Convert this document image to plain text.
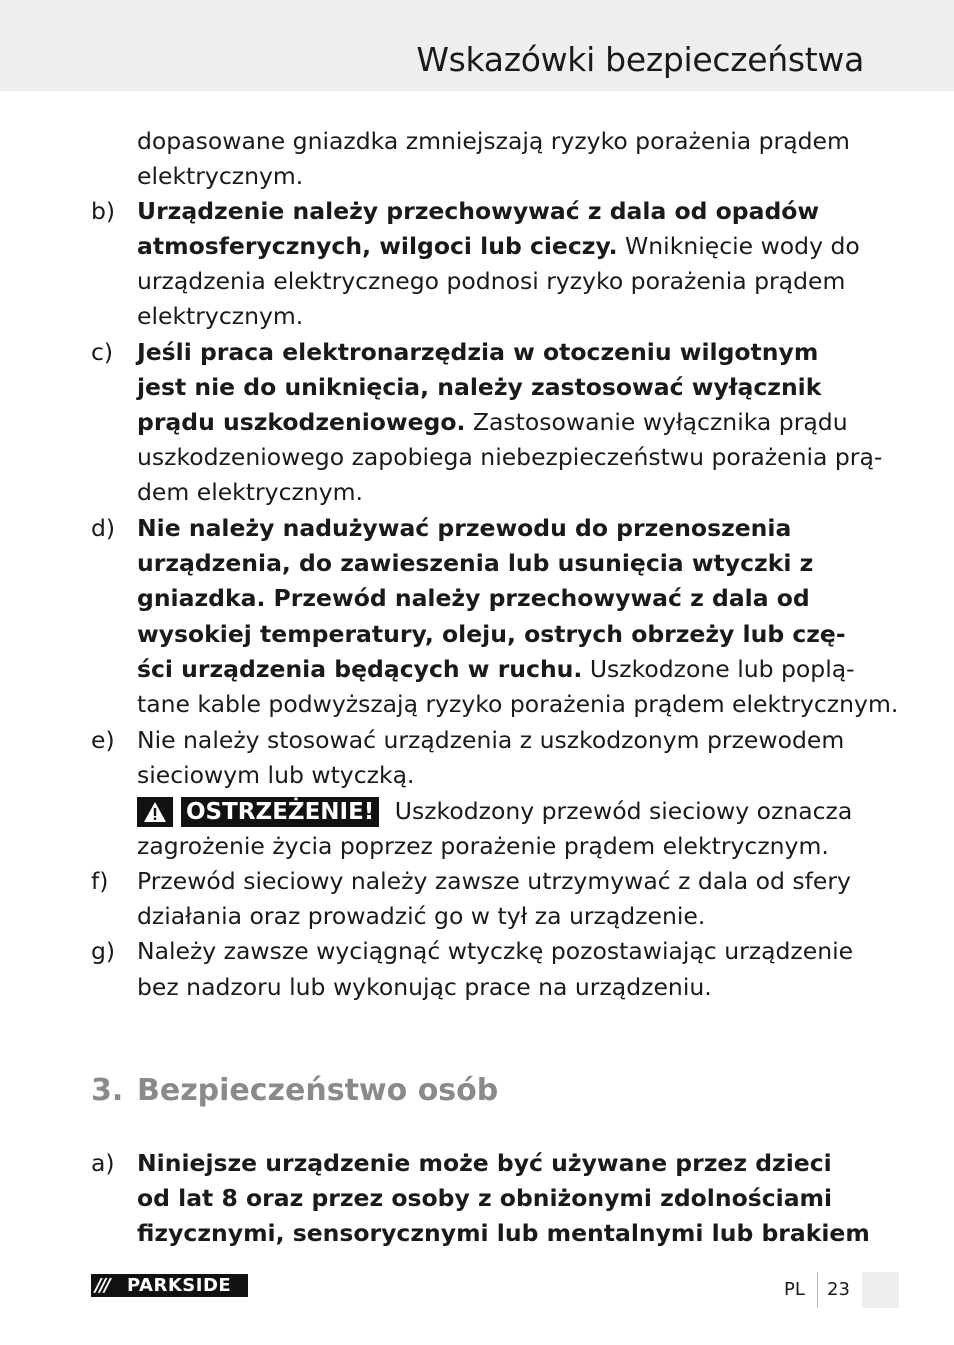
Wskazówki bezpieczeństwa
dopasowane gniazdka zmniejszają ryzyko porażenia prądem
elektrycznym.
b) Urządzenie należy przechowywać z dala od opadów
atmosferycznych, wilgoci lub cieczy. Wniknięcie wody do
urządzenia elektrycznego podnosi ryzyko porażenia prądem
elektrycznym.
c) Jeśli praca elektronarzędzia w otoczeniu wilgotnym
jest nie do uniknięcia, należy zastosować wyłącznik
prądu uszkodzeniowego. Zastosowanie wyłącznika prądu
uszkodzeniowego zapobiega niebezpieczeństwu porażenia prą-
dem elektrycznym.
d) Nie należy nadużywać przewodu do przenoszenia
urządzenia, do zawieszenia lub usunięcia wtyczki z
gniazdka. Przewód należy przechowywać z dala od
wysokiej temperatury, oleju, ostrych obrzeży lub czę-
ści urządzenia będących w ruchu. Uszkodzone lub poplą-
tane kable podwyższają ryzyko porażenia prądem elektrycznym.
e) Nie należy stosować urządzenia z uszkodzonym przewodem
sieciowym lub wtyczką.
OSTRZEŻENIE! Uszkodzony przewód sieciowy oznacza
zagrożenie życia poprzez porażenie prądem elektrycznym.
f) Przewód sieciowy należy zawsze utrzymywać z dala od sfery
działania oraz prowadzić go w tył za urządzenie.
g) Należy zawsze wyciągnąć wtyczkę pozostawiając urządzenie
bez nadzoru lub wykonując prace na urządzeniu.
3. Bezpieczeństwo osób
a) Niniejsze urządzenie może być używane przez dzieci
od lat 8 oraz przez osoby z obniżonymi zdolnościami
fizycznymi, sensorycznymi lub mentalnymi lub brakiem
///	PARKSIDE	PL 23
